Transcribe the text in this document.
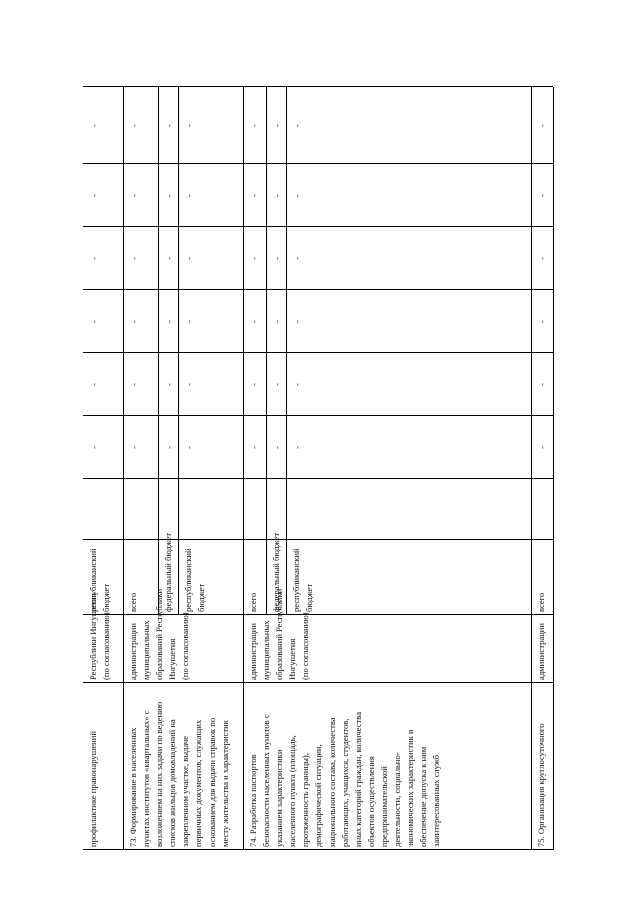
профилактике правонарушений
Республики Ингушетия
(по согласованию)
республиканский
бюджет
-
-
-
-
-
-
73. Формирование в населенных
пунктах институтов «квартальных» с
возложением на них задачи по ведению
списков жильцов домовладений на
закрепленном участке, выдаче
первичных документов, служащих
основанием для выдачи справок по
месту жительства и характеристик
администрации
муниципальных
образований Республики
Ингушетия
(по согласованию)
всего
-
-
-
-
-
-
федеральный бюджет
-
-
-
-
-
-
республиканский
бюджет
-
-
-
-
-
-
74. Разработка паспортов
безопасности населенных пунктов с
указанием характеристики
населенного пункта (площадь,
протяженность границы),
демографической ситуации,
национального состава, количества
работающих, учащихся, студентов,
иных категорий граждан, количества
объектов осуществления
предпринимательской
деятельности, социально-
экономических характеристик и
обеспечение допуска к ним
заинтересованных служб
администрации
муниципальных
образований Республики
Ингушетия
(по согласованию)
всего
-
-
-
-
-
-
федеральный бюджет
-
-
-
-
-
-
республиканский
бюджет
-
-
-
-
-
-
75. Организация круглосуточного
администрации
всего
-
-
-
-
-
-
